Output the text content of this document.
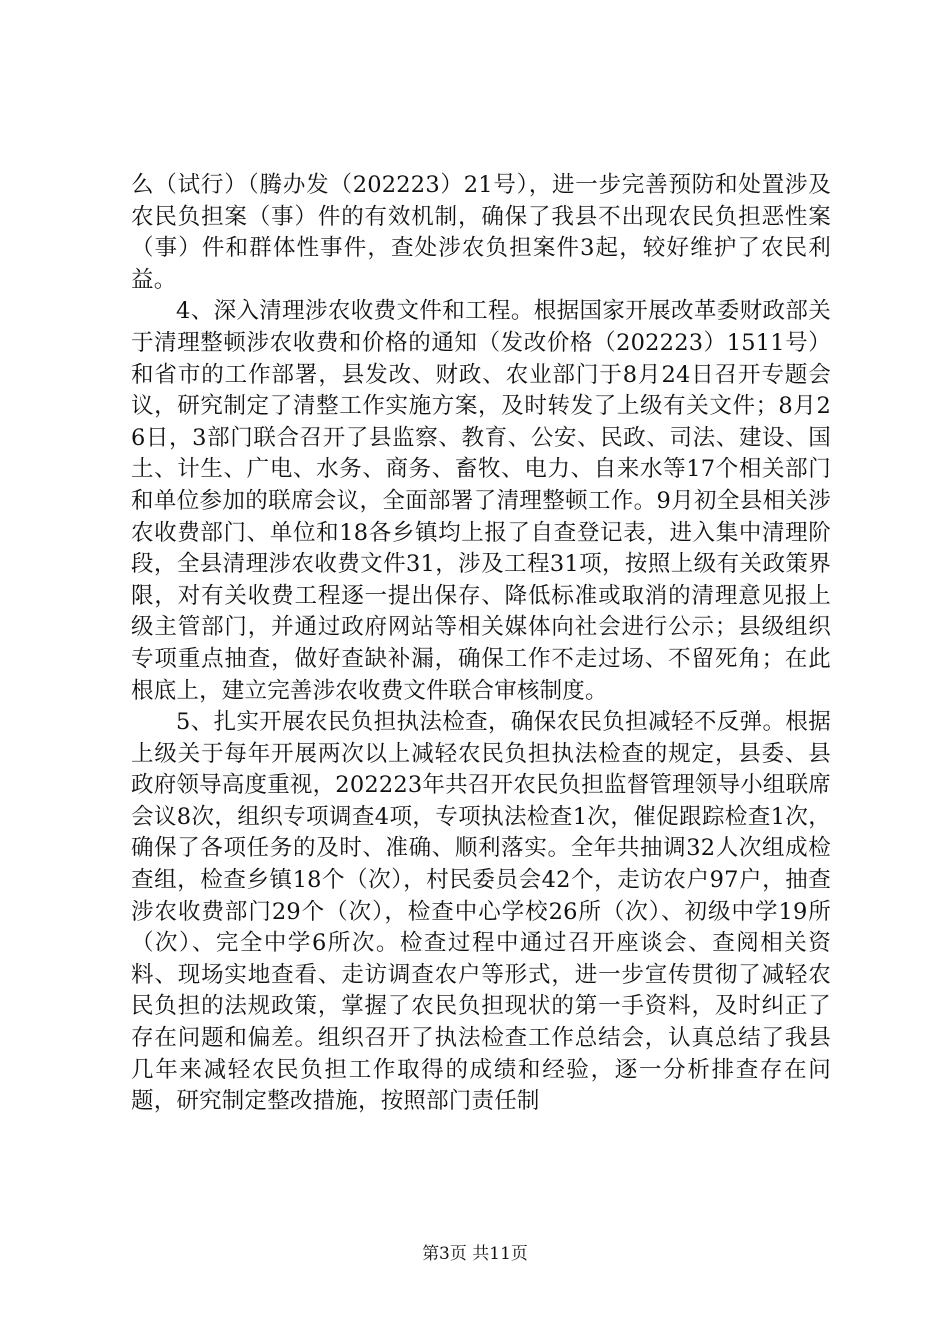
么（试行）（腾办发（202223）21号），进一步完善预防和处置涉及农民负担案（事）件的有效机制，确保了我县不出现农民负担恶性案（事）件和群体性事件，查处涉农负担案件3起，较好维护了农民利益。

4、深入清理涉农收费文件和工程。根据国家开展改革委财政部关于清理整顿涉农收费和价格的通知（发改价格（202223）1511号）和省市的工作部署，县发改、财政、农业部门于8月24日召开专题会议，研究制定了清整工作实施方案，及时转发了上级有关文件；8月26日，3部门联合召开了县监察、教育、公安、民政、司法、建设、国土、计生、广电、水务、商务、畜牧、电力、自来水等17个相关部门和单位参加的联席会议，全面部署了清理整顿工作。9月初全县相关涉农收费部门、单位和18各乡镇均上报了自查登记表，进入集中清理阶段，全县清理涉农收费文件31，涉及工程31项，按照上级有关政策界限，对有关收费工程逐一提出保存、降低标准或取消的清理意见报上级主管部门，并通过政府网站等相关媒体向社会进行公示；县级组织专项重点抽查，做好查缺补漏，确保工作不走过场、不留死角；在此根底上，建立完善涉农收费文件联合审核制度。

5、扎实开展农民负担执法检查，确保农民负担减轻不反弹。根据上级关于每年开展两次以上减轻农民负担执法检查的规定，县委、县政府领导高度重视，202223年共召开农民负担监督管理领导小组联席会议8次，组织专项调查4项，专项执法检查1次，催促跟踪检查1次，确保了各项任务的及时、准确、顺利落实。全年共抽调32人次组成检查组，检查乡镇18个（次），村民委员会42个，走访农户97户，抽查涉农收费部门29个（次），检查中心学校26所（次）、初级中学19所（次）、完全中学6所次。检查过程中通过召开座谈会、查阅相关资料、现场实地查看、走访调查农户等形式，进一步宣传贯彻了减轻农民负担的法规政策，掌握了农民负担现状的第一手资料，及时纠正了存在问题和偏差。组织召开了执法检查工作总结会，认真总结了我县几年来减轻农民负担工作取得的成绩和经验，逐一分析排查存在问题，研究制定整改措施，按照部门责任制

第3页 共11页
